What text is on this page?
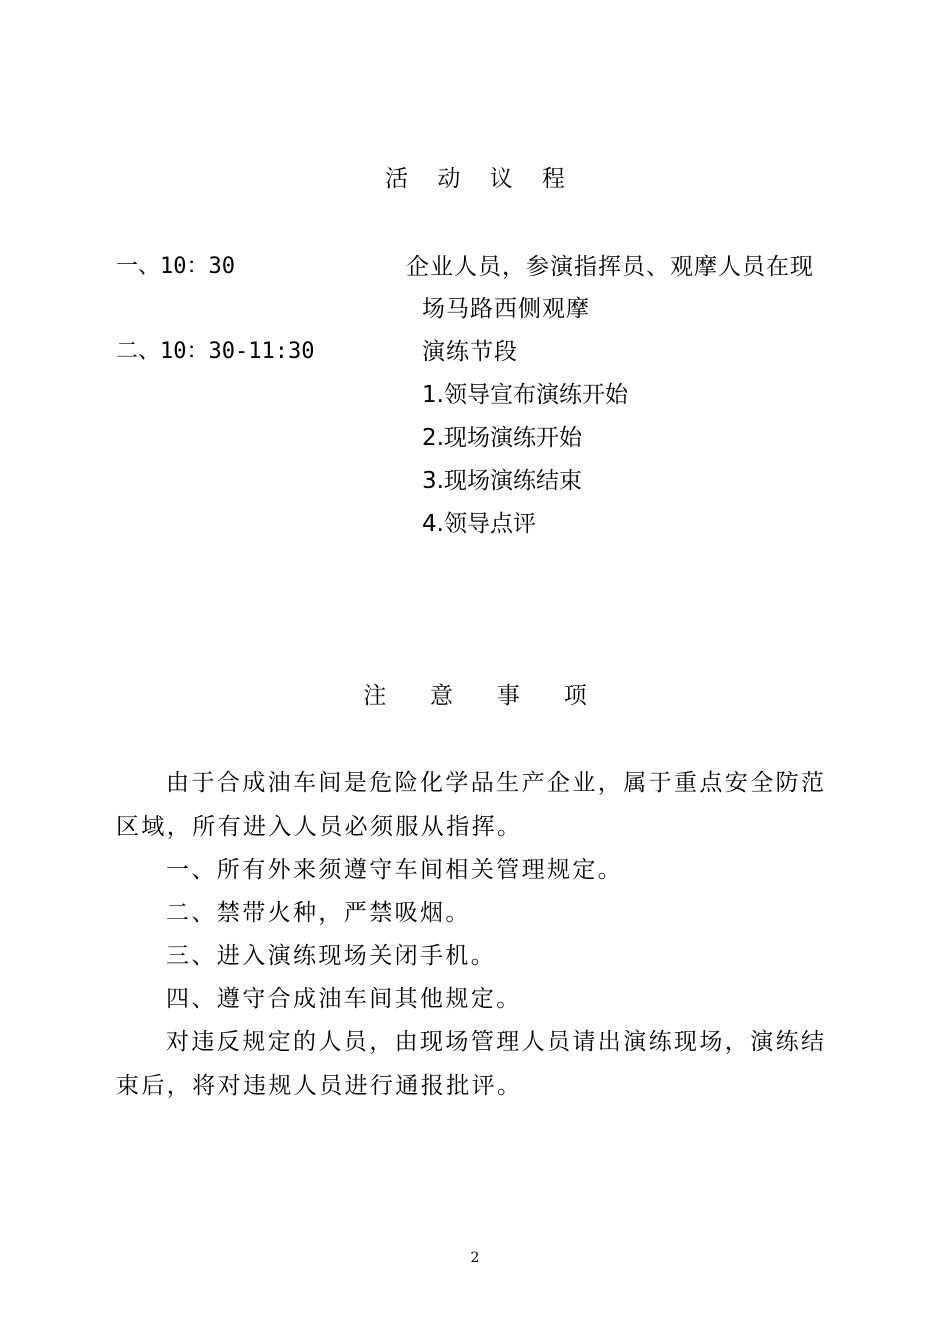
活    动    议    程
一、10：30	企业人员，参演指挥员、观摩人员在现
场马路西侧观摩
二、10：30-11:30	演练节段
1.领导宣布演练开始
2.现场演练开始
3.现场演练结束
4.领导点评
注      意      事      项
由于合成油车间是危险化学品生产企业，属于重点安全防范
区域，所有进入人员必须服从指挥。
一、所有外来须遵守车间相关管理规定。
二、禁带火种，严禁吸烟。
三、进入演练现场关闭手机。
四、遵守合成油车间其他规定。
对违反规定的人员，由现场管理人员请出演练现场，演练结
束后，将对违规人员进行通报批评。
2
